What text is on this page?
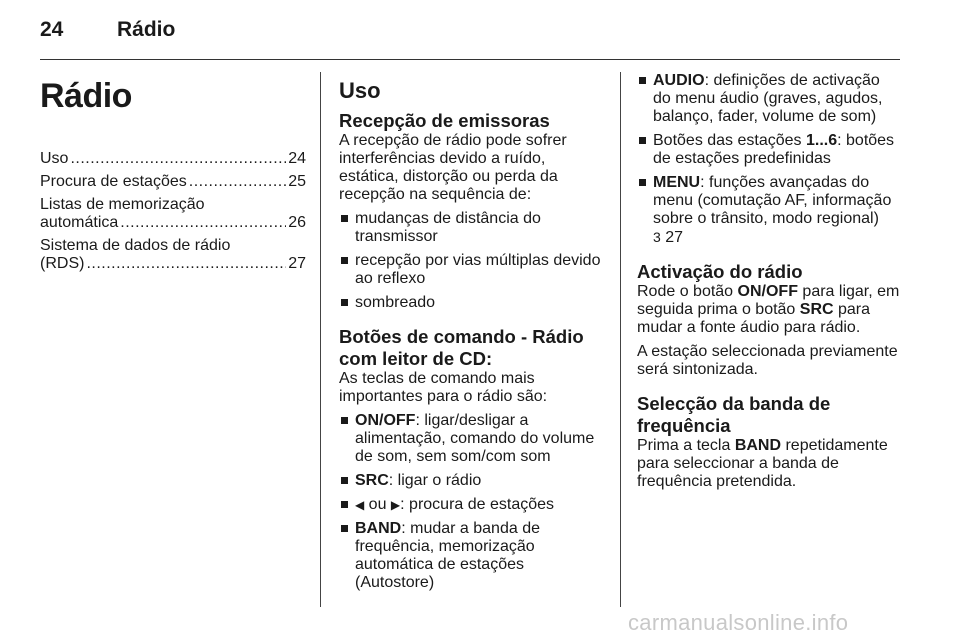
24	Rádio
Rádio
Uso .....	24
Procura de estações .....	25
Listas de memorização
automática .....	26
Sistema de dados de rádio
(RDS) .....	27
Uso
Recepção de emissoras

A recepção de rádio pode sofrer interferências devido a ruído, estática, distorção ou perda da recepção na sequência de:

mudanças de distância do transmissor
recepção por vias múltiplas devido ao reflexo
sombreado
Botões de comando - Rádio com leitor de CD:

As teclas de comando mais importantes para o rádio são:

ON/OFF: ligar/desligar a alimentação, comando do volume de som, sem som/com som
SRC: ligar o rádio
◀ ou ▶: procura de estações
BAND: mudar a banda de frequência, memorização automática de estações (Autostore)
AUDIO: definições de activação do menu áudio (graves, agudos, balanço, fader, volume de som)
Botões das estações 1...6: botões de estações predefinidas
MENU: funções avançadas do menu (comutação AF, informação sobre o trânsito, modo regional)
3 27
Activação do rádio

Rode o botão ON/OFF para ligar, em seguida prima o botão SRC para mudar a fonte áudio para rádio.

A estação seleccionada previamente será sintonizada.

Selecção da banda de frequência

Prima a tecla BAND repetidamente para seleccionar a banda de frequência pretendida.

carmanualsonline.info
